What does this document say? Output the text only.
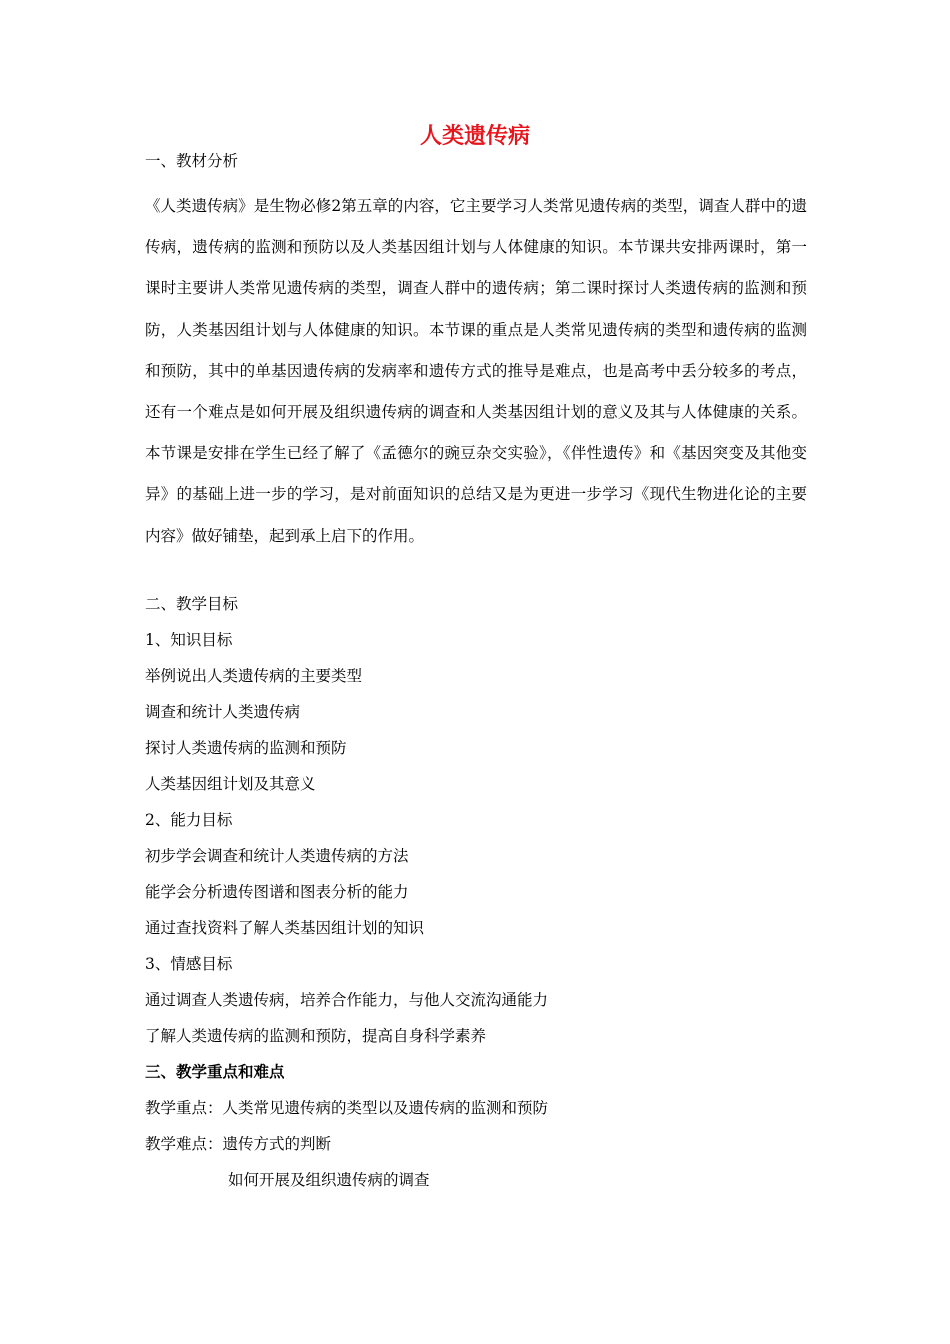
人类遗传病
一、教材分析
《人类遗传病》是生物必修2第五章的内容，它主要学习人类常见遗传病的类型，调查人群中的遗传病，遗传病的监测和预防以及人类基因组计划与人体健康的知识。本节课共安排两课时，第一课时主要讲人类常见遗传病的类型，调查人群中的遗传病；第二课时探讨人类遗传病的监测和预防，人类基因组计划与人体健康的知识。本节课的重点是人类常见遗传病的类型和遗传病的监测和预防，其中的单基因遗传病的发病率和遗传方式的推导是难点，也是高考中丢分较多的考点，还有一个难点是如何开展及组织遗传病的调查和人类基因组计划的意义及其与人体健康的关系。本节课是安排在学生已经了解了《孟德尔的豌豆杂交实验》，《伴性遗传》和《基因突变及其他变异》的基础上进一步的学习，是对前面知识的总结又是为更进一步学习《现代生物进化论的主要内容》做好铺垫，起到承上启下的作用。
二、教学目标
1、知识目标
举例说出人类遗传病的主要类型
调查和统计人类遗传病
探讨人类遗传病的监测和预防
人类基因组计划及其意义
2、能力目标
初步学会调查和统计人类遗传病的方法
能学会分析遗传图谱和图表分析的能力
通过查找资料了解人类基因组计划的知识
3、情感目标
通过调查人类遗传病，培养合作能力，与他人交流沟通能力
了解人类遗传病的监测和预防，提高自身科学素养
三、教学重点和难点
教学重点：人类常见遗传病的类型以及遗传病的监测和预防
教学难点：遗传方式的判断
如何开展及组织遗传病的调查
